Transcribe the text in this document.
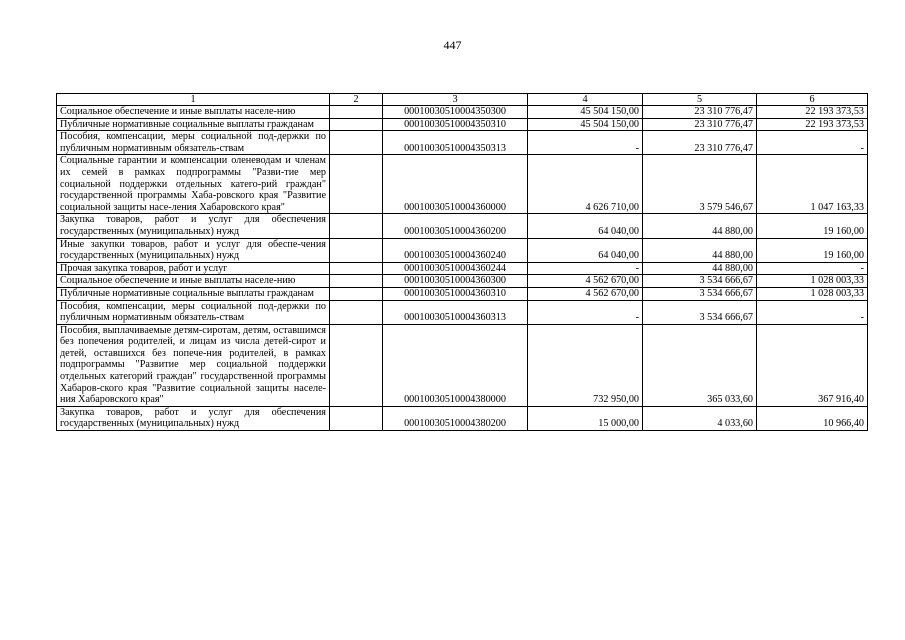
447
1	2	3	4	5	6
Социальное обеспечение и иные выплаты населе-нию		00010030510004350300	45 504 150,00	23 310 776,47	22 193 373,53
Публичные нормативные социальные выплаты гражданам		00010030510004350310	45 504 150,00	23 310 776,47	22 193 373,53
Пособия, компенсации, меры социальной под-держки по публичным нормативным обязатель-ствам		00010030510004350313	-	23 310 776,47	-
Социальные гарантии и компенсации оленеводам и членам их семей в рамках подпрограммы "Разви-тие мер социальной поддержки отдельных катего-рий граждан" государственной программы Хаба-ровского края "Развитие социальной защиты насе-ления Хабаровского края"		00010030510004360000	4 626 710,00	3 579 546,67	1 047 163,33
Закупка товаров, работ и услуг для обеспечения государственных (муниципальных) нужд		00010030510004360200	64 040,00	44 880,00	19 160,00
Иные закупки товаров, работ и услуг для обеспе-чения государственных (муниципальных) нужд		00010030510004360240	64 040,00	44 880,00	19 160,00
Прочая закупка товаров, работ и услуг		00010030510004360244	-	44 880,00	-
Социальное обеспечение и иные выплаты населе-нию		00010030510004360300	4 562 670,00	3 534 666,67	1 028 003,33
Публичные нормативные социальные выплаты гражданам		00010030510004360310	4 562 670,00	3 534 666,67	1 028 003,33
Пособия, компенсации, меры социальной под-держки по публичным нормативным обязатель-ствам		00010030510004360313	-	3 534 666,67	-
Пособия, выплачиваемые детям-сиротам, детям, оставшимся без попечения родителей, и лицам из числа детей-сирот и детей, оставшихся без попече-ния родителей, в рамках подпрограммы "Развитие мер социальной поддержки отдельных категорий граждан" государственной программы Хабаров-ского края "Развитие социальной защиты населе-ния Хабаровского края"		00010030510004380000	732 950,00	365 033,60	367 916,40
Закупка товаров, работ и услуг для обеспечения государственных (муниципальных) нужд		00010030510004380200	15 000,00	4 033,60	10 966,40
